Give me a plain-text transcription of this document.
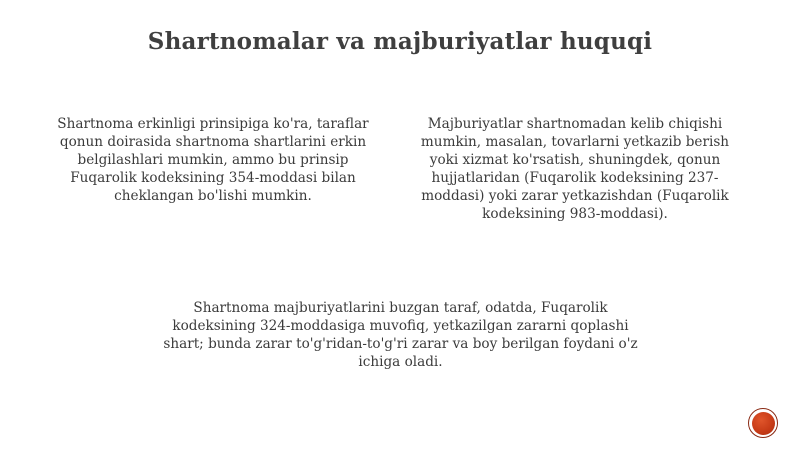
Shartnomalar va majburiyatlar huquqi

Shartnoma erkinligi prinsipiga ko'ra, taraflar qonun doirasida shartnoma shartlarini erkin belgilashlari mumkin, ammo bu prinsip Fuqarolik kodeksining 354-moddasi bilan cheklangan bo'lishi mumkin.

Majburiyatlar shartnomadan kelib chiqishi mumkin, masalan, tovarlarni yetkazib berish yoki xizmat ko'rsatish, shuningdek, qonun hujjatlaridan (Fuqarolik kodeksining 237-moddasi) yoki zarar yetkazishdan (Fuqarolik kodeksining 983-moddasi).

Shartnoma majburiyatlarini buzgan taraf, odatda, Fuqarolik kodeksining 324-moddasiga muvofiq, yetkazilgan zararni qoplashi shart; bunda zarar to'g'ridan-to'g'ri zarar va boy berilgan foydani o'z ichiga oladi.
